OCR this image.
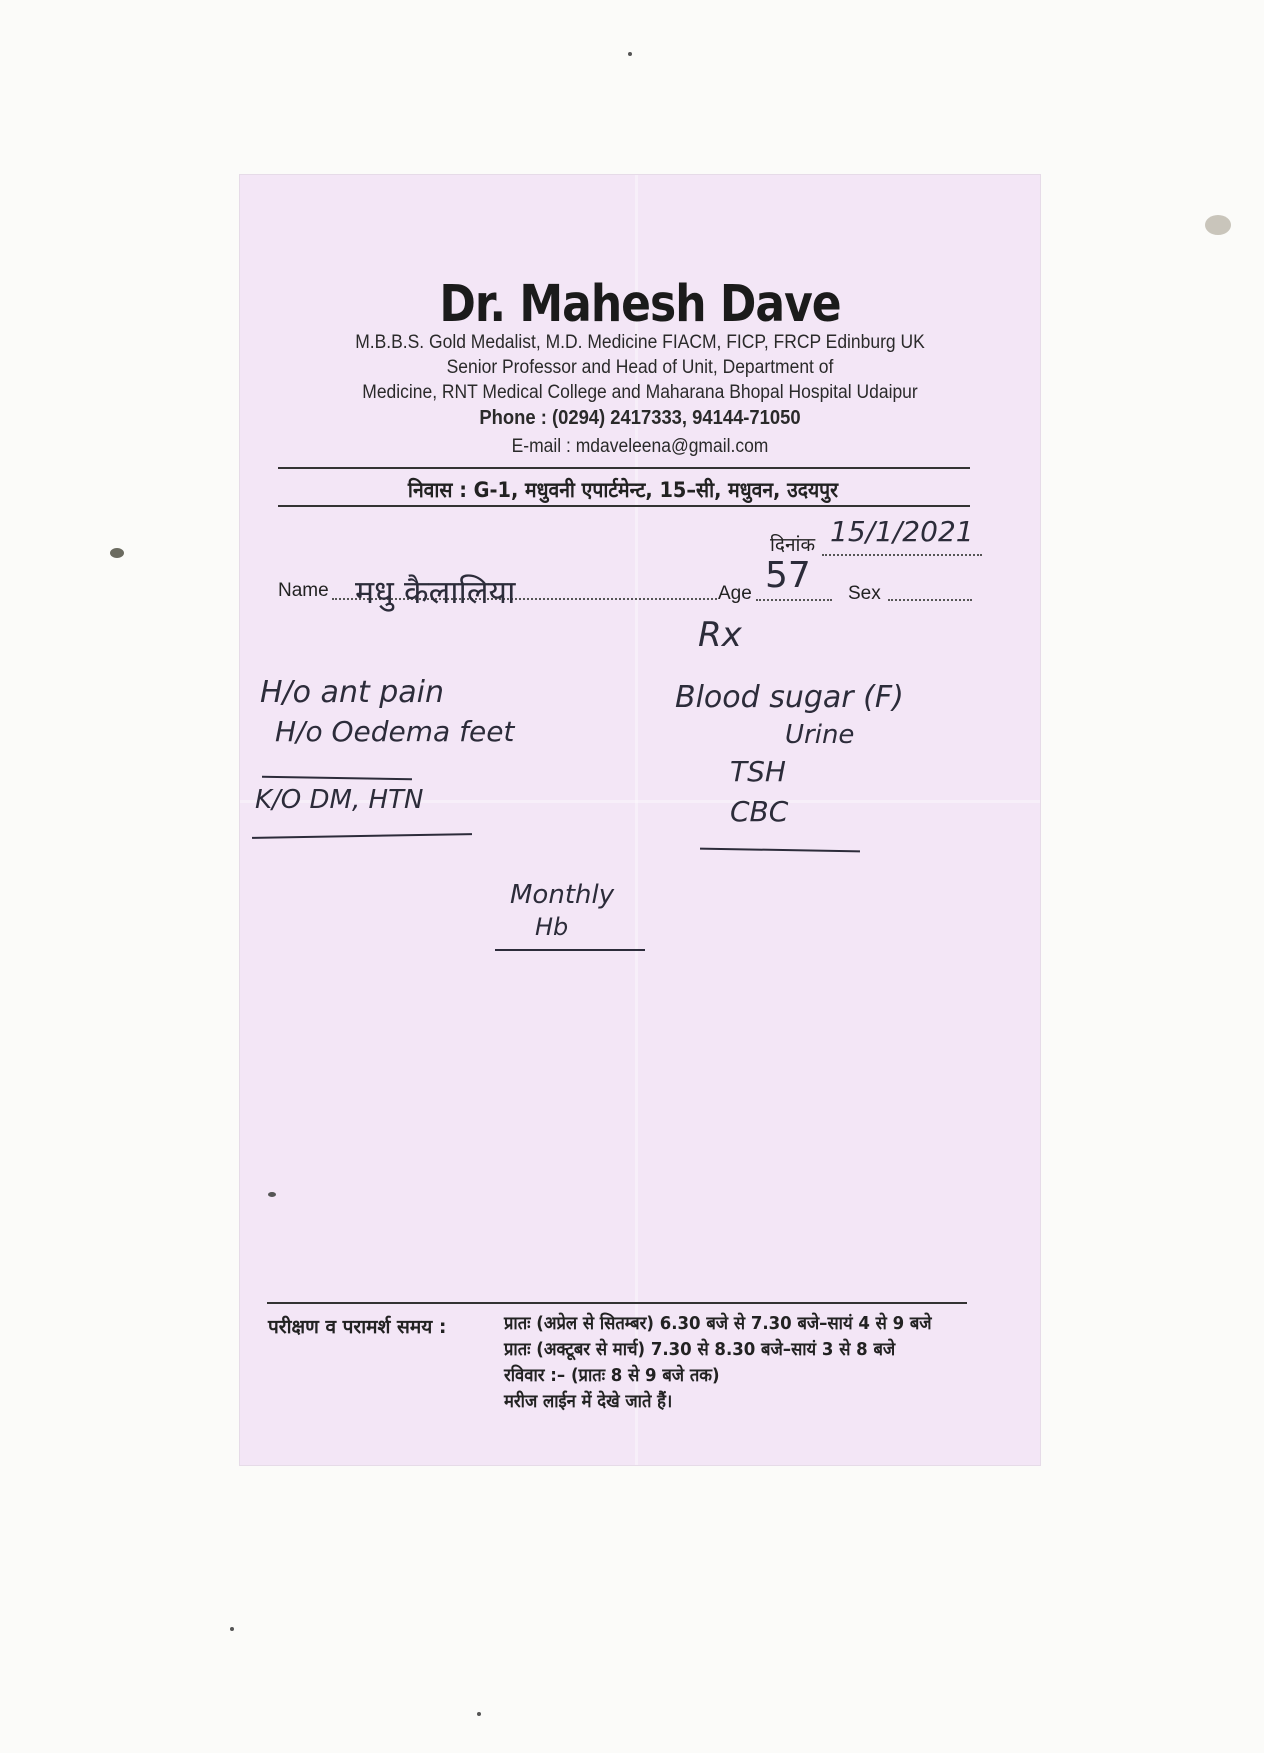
Dr. Mahesh Dave
M.B.B.S. Gold Medalist, M.D. Medicine FIACM, FICP, FRCP Edinburg UK
Senior Professor and Head of Unit, Department of
Medicine, RNT Medical College and Maharana Bhopal Hospital Udaipur
Phone : (0294) 2417333, 94144-71050
E-mail : mdaveleena@gmail.com
निवास : G-1, मधुवनी एपार्टमेन्ट, 15–सी, मधुवन, उदयपुर
दिनांक 15/1/2021
Name मधु कैलालिया	Age 57 Sex
H/o ant pain
H/o Oedema feet
K/O DM, HTN
Rx
Blood sugar (F)
Urine
TSH
CBC
Monthly
Hb
परीक्षण व परामर्श समय :	प्रातः (अप्रेल से सितम्बर) 6.30 बजे से 7.30 बजे–सायं 4 से 9 बजे
प्रातः (अक्टूबर से मार्च) 7.30 से 8.30 बजे–सायं 3 से 8 बजे
रविवार :– (प्रातः 8 से 9 बजे तक)
मरीज लाईन में देखे जाते हैं।
